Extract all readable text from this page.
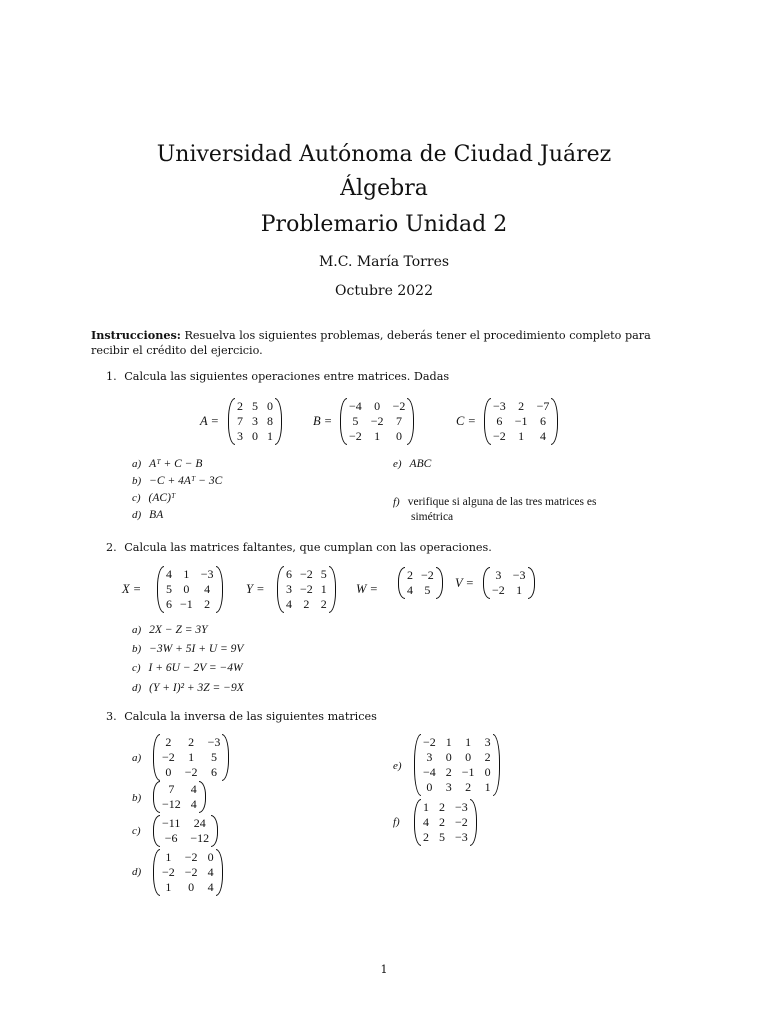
Universidad Autónoma de Ciudad Juárez
Álgebra
Problemario Unidad 2
M.C. María Torres
Octubre 2022
Instrucciones: Resuelva los siguientes problemas, deberás tener el procedimiento completo para
recibir el crédito del ejercicio.
1. Calcula las siguientes operaciones entre matrices. Dadas
A =
2 5 0
7 3 8
3 0 1
B =
−4 0 −2
5 −2 7
−2 1 0
C =
−3 2 −7
6 −1 6
−2 1 4
a) Aᵀ + C − B
b) −C + 4Aᵀ − 3C
c) (AC)ᵀ
d) BA
e) ABC
f) verifique si alguna de las tres matrices es
simétrica
2. Calcula las matrices faltantes, que cumplan con las operaciones.
X =
4 1 −3
5 0 4
6 −1 2
Y =
6 −2 5
3 −2 1
4 2 2
W =
2 −2
4 5 V =
3 −3
−2 1
a) 2X − Z = 3Y
b) −3W + 5I + U = 9V
c) I + 6U − 2V = −4W
d) (Y + I)² + 3Z = −9X
3. Calcula la inversa de las siguientes matrices
a)
2 2 −3
−2 1 5
0 −2 6
b)
7	4
−12 4
c)
−11 24
−6 −12
d)
1 −2 0
−2 −2 4
1 0 4
e)
−2 1 1 3
3 0 0 2
−4 2 −1 0
0 3 2 1
f)
1 2 −3
4 2 −2
2 5 −3
1
